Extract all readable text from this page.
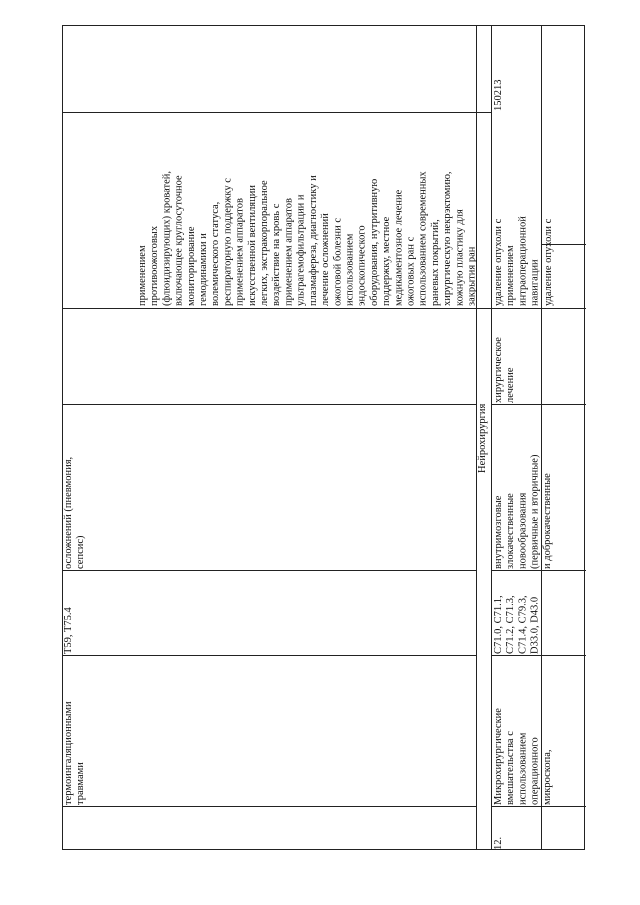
термоингаляционными
травмами
T59, T75.4
осложнений (пневмония,
сепсис)
применением
противоожоговых
(флюидизирующих) кроватей,
включающее круглосуточное
мониторирование
гемодинамики и
волемического статуса,
респираторную поддержку с
применением аппаратов
искусственной вентиляции
легких, экстракорпоральное
воздействие на кровь с
применением аппаратов
ультрагемофильтрации и
плазмафереза, диагностику и
лечение осложнений
ожоговой болезни с
использованием
эндоскопического
оборудования, нутритивную
поддержку, местное
медикаментозное лечение
ожоговых ран с
использованием современных
раневых покрытий,
хирургическую некрэктомию,
кожную пластику для
закрытия ран
Нейрохирургия
12.
Микрохирургические
вмешательства с
использованием
операционного
микроскопа,
C71.0, C71.1,
C71.2, C71.3,
C71.4, C79.3,
D33.0, D43.0
внутримозговые
злокачественные
новообразования
(первичные и вторичные)
и доброкачественные
хирургическое
лечение
удаление опухоли с
применением
интраоперационной
навигации удаление опухоли с
150213
